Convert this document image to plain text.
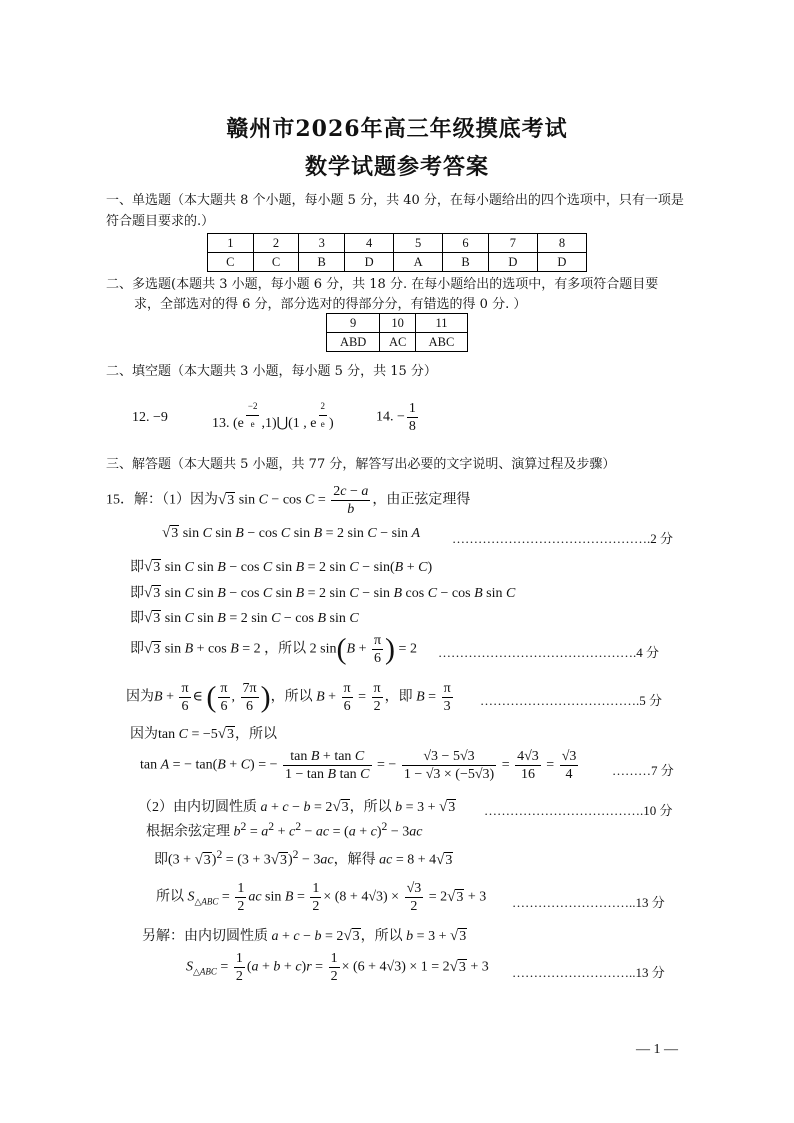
赣州市2026年高三年级摸底考试
数学试题参考答案
一、单选题（本大题共 8 个小题，每小题 5 分，共 40 分，在每小题给出的四个选项中，只有一项是符合题目要求的.）
1	2	3	4	5	6	7	8
C	C	B	D	A	B	D	D
二、多选题(本题共 3 小题，每小题 6 分，共 18 分. 在每小题给出的选项中，有多项符合题目要
求，全部选对的得 6 分，部分选对的得部分分，有错选的得 0 分. ）
9	10	11
ABD	AC	ABC
二、填空题（本大题共 3 小题，每小题 5 分，共 15 分）
12. −9	13. (e $^{\frac{-2}{e}}$ ,1)⋃(1 , e $^{\frac{2}{e}}$ )	14. − $\frac{1}{8}$
三、解答题（本大题共 5 小题，共 77 分，解答写出必要的文字说明、演算过程及步骤）
15．解：（1）因为√3 $\sin C - \cos C = \frac{2c - a}{b}$ ，由正弦定理得
√3 sin C sin B − cos C sin B = 2 sin C − sin A ……………………………………….2 分
即√3 sin C sin B − cos C sin B = 2 sin C − sin(B + C)
即√3 sin C sin B − cos C sin B = 2 sin C − sin B cos C − cos B sin C
即√3 sin C sin B = 2 sin C − cos B sin C
即√3 sin B + cos B = 2 ，所以 2 $\sin(B + \frac{\pi}{6}$ ) = 2 ……………………………………….4 分
因为$B + \frac{\pi}{6}$ ∈ ( $\frac{\pi}{6}$ , $\frac{7\pi}{6}$ )，所以 $B + \frac{\pi}{6} = \frac{\pi}{2}$ ，即 $B = \frac{\pi}{3}$ ……………………………….5 分
因为tan C = −5√3，所以
tan A = − tan(B + C) = − $\frac{\text{tan B + tan C}}{\text{1 − tan B tan C}}$ = − $\frac{√3 - 5√3}{1 - √3 \times (-5√3)} = \frac{4√3}{16} = \frac{√3}{4}$	………7 分
（2）由内切圆性质 a + c − b = 2√3，所以 b = 3 + √3 ……………………………….10 分
根据余弦定理 $b^2 = a^2 + c^2$ − ac = $(a + c)^2 - 3ac$
即$(3 + √3)^2 = (3 + 3√3)^2 - 3ac$，解得 ac = 8 + 4√3
所以 $S_{\triangle ABC} = \frac{1}{2}$ ac $\sin B = \frac{1}{2} \times (8 + 4√3) \times \frac{√3}{2} = 2√3 + 3$ ………………………..13 分
另解：由内切圆性质 a + c − b = 2√3，所以 b = 3 + √3
$S_{\triangle ABC} = \frac{1}{2} (a + b + c)r = \frac{1}{2} \times (6 + 4√3) \times 1 = 2√3 + 3$ ………………………..13 分
— 1 —
